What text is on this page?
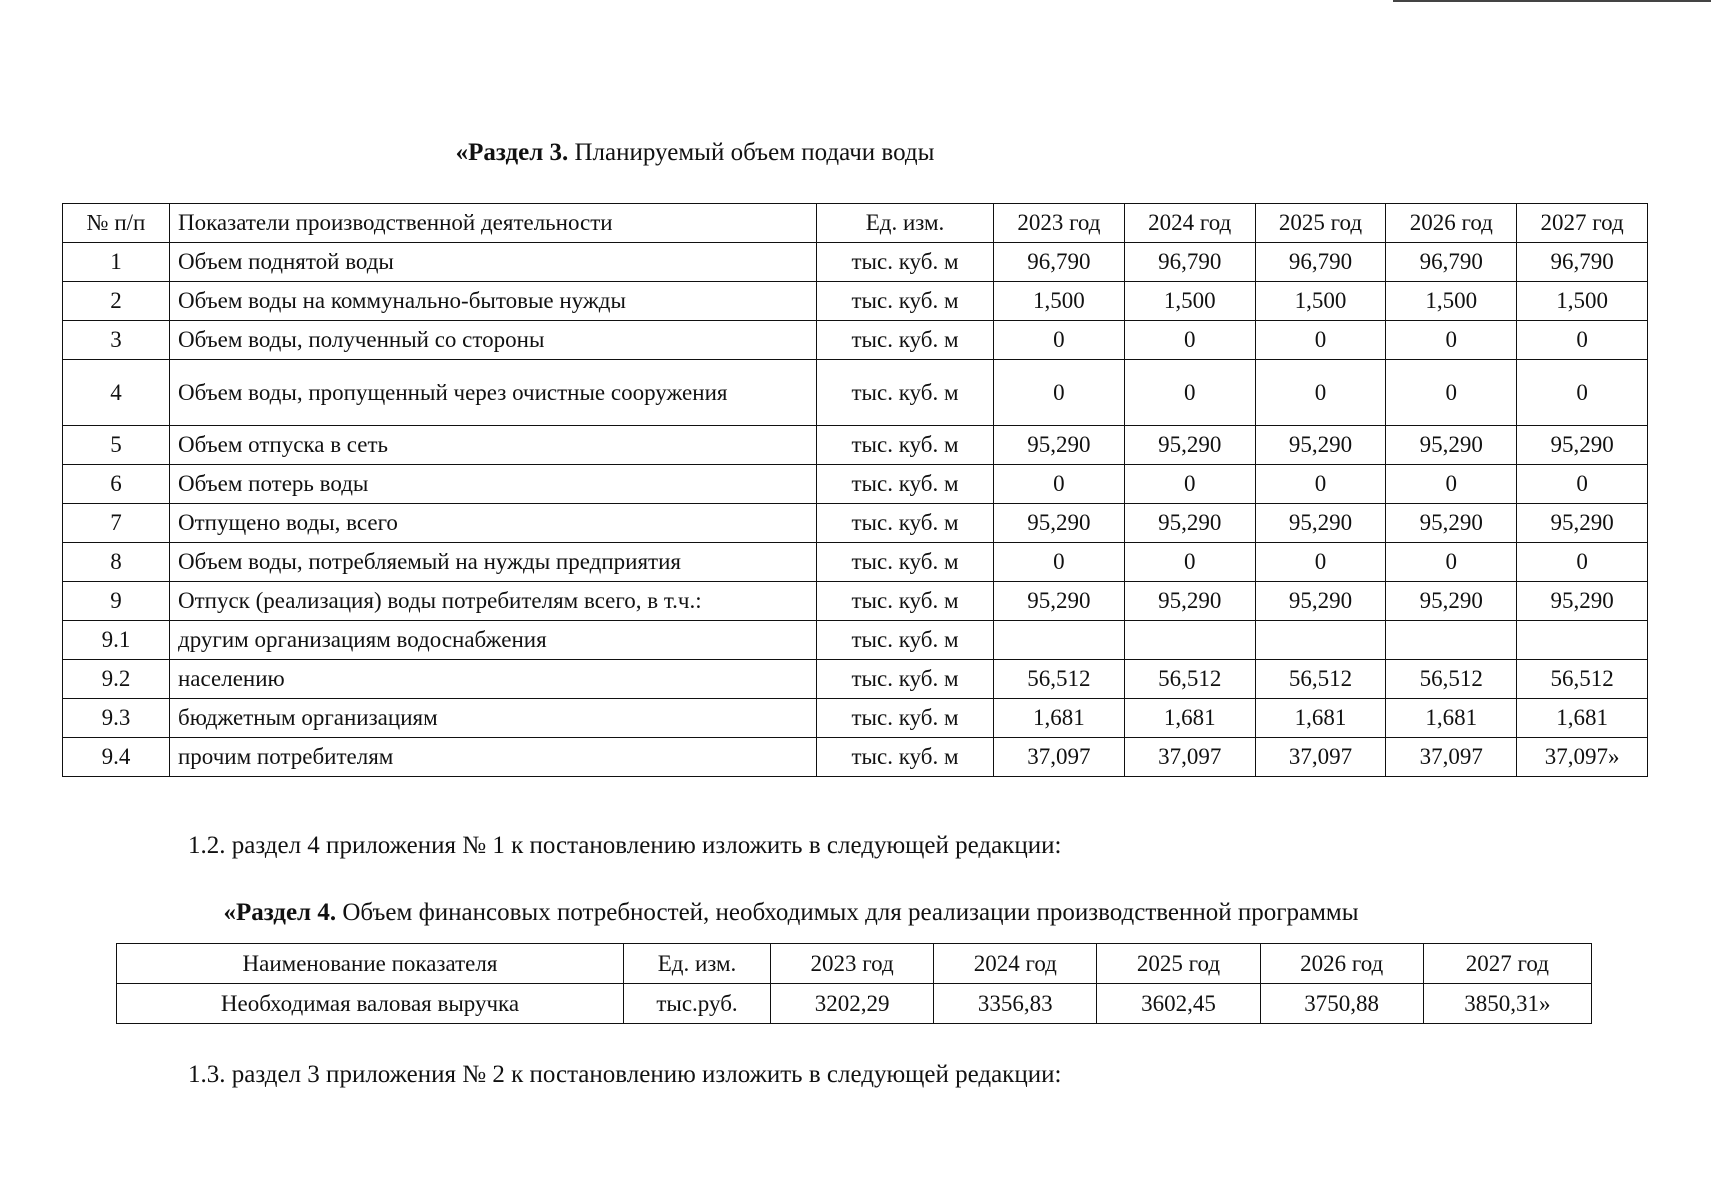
«Раздел 3. Планируемый объем подачи воды
№ п/п	Показатели производственной деятельности	Ед. изм.	2023 год	2024 год	2025 год	2026 год	2027 год
1	Объем поднятой воды	тыс. куб. м	96,790	96,790	96,790	96,790	96,790
2	Объем воды на коммунально-бытовые нужды	тыс. куб. м	1,500	1,500	1,500	1,500	1,500
3	Объем воды, полученный со стороны	тыс. куб. м	0	0	0	0	0
4	Объем воды, пропущенный через очистные сооружения	тыс. куб. м	0	0	0	0	0
5	Объем отпуска в сеть	тыс. куб. м	95,290	95,290	95,290	95,290	95,290
6	Объем потерь воды	тыс. куб. м	0	0	0	0	0
7	Отпущено воды, всего	тыс. куб. м	95,290	95,290	95,290	95,290	95,290
8	Объем воды, потребляемый на нужды предприятия	тыс. куб. м	0	0	0	0	0
9	Отпуск (реализация) воды потребителям всего, в т.ч.:	тыс. куб. м	95,290	95,290	95,290	95,290	95,290
9.1	другим организациям водоснабжения	тыс. куб. м					
9.2	населению	тыс. куб. м	56,512	56,512	56,512	56,512	56,512
9.3	бюджетным организациям	тыс. куб. м	1,681	1,681	1,681	1,681	1,681
9.4	прочим потребителям	тыс. куб. м	37,097	37,097	37,097	37,097	37,097»
1.2. раздел 4 приложения № 1 к постановлению изложить в следующей редакции:
«Раздел 4. Объем финансовых потребностей, необходимых для реализации производственной программы
Наименование показателя	Ед. изм.	2023 год	2024 год	2025 год	2026 год	2027 год
Необходимая валовая выручка	тыс.руб.	3202,29	3356,83	3602,45	3750,88	3850,31»
1.3. раздел 3 приложения № 2 к постановлению изложить в следующей редакции:
